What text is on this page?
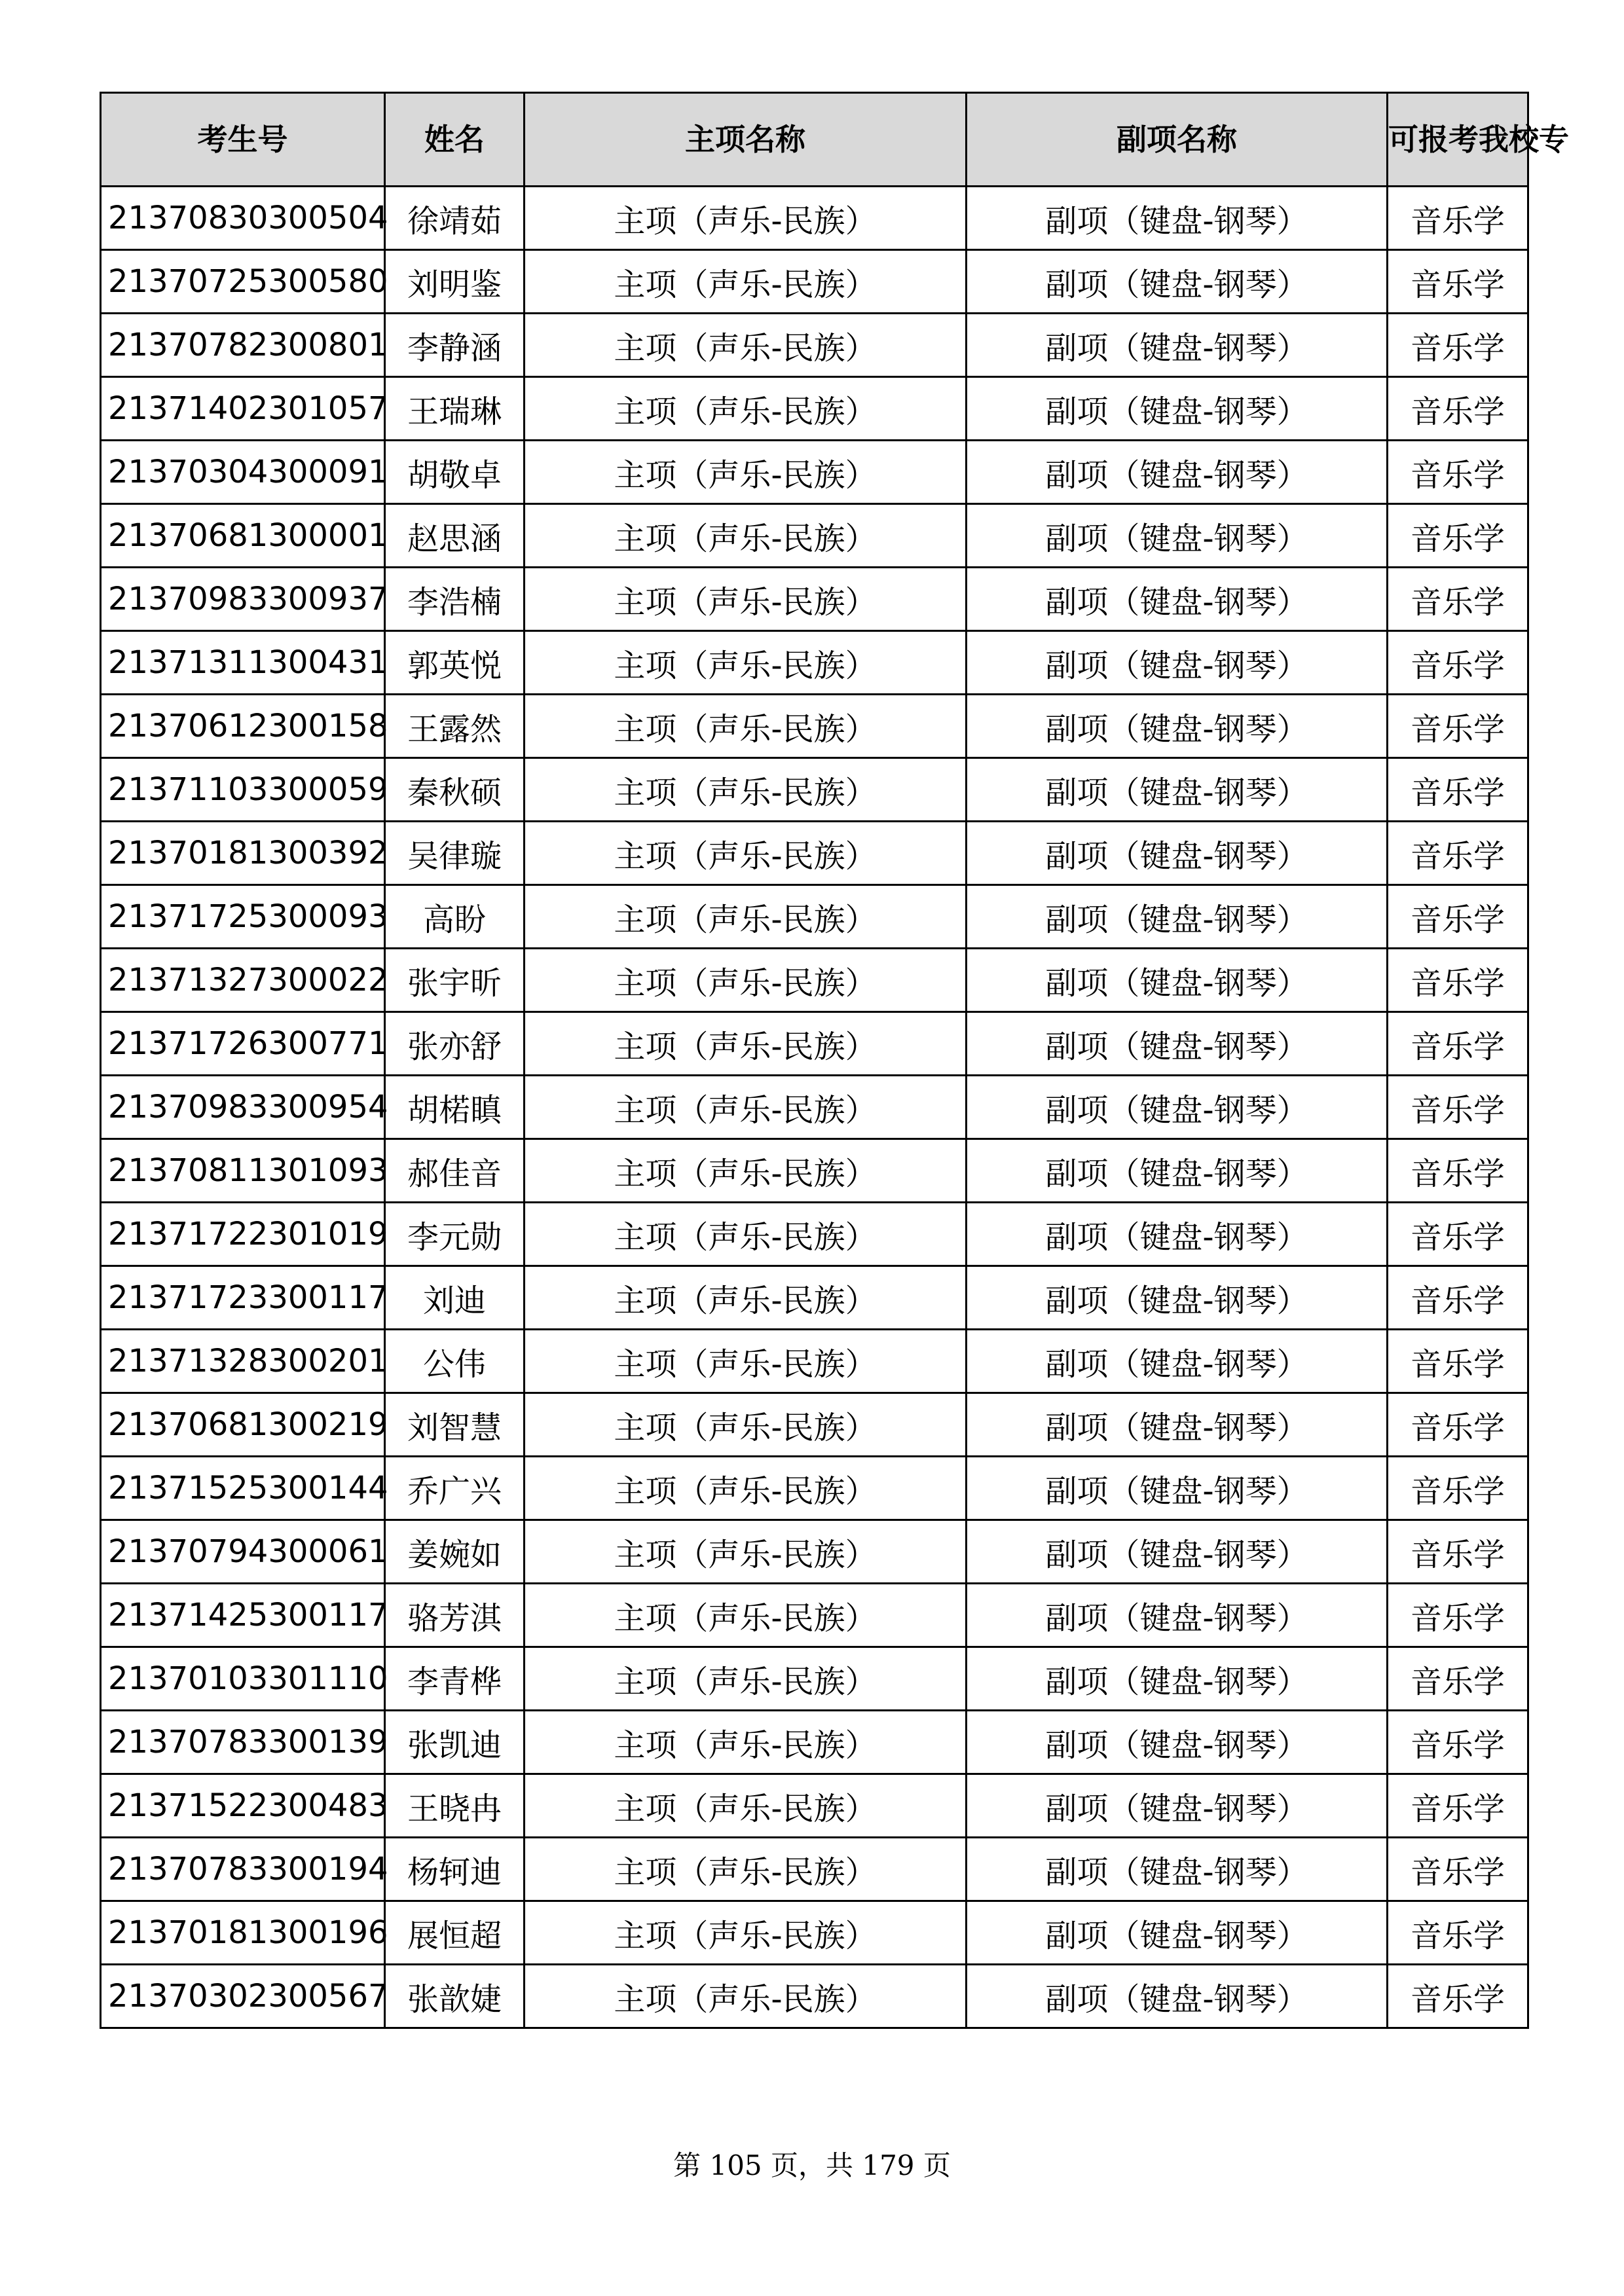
考生号	姓名	主项名称	副项名称	可报考我校专
21370830300504	徐靖茹	主项（声乐-民族）	副项（键盘-钢琴）	音乐学
21370725300580	刘明鉴	主项（声乐-民族）	副项（键盘-钢琴）	音乐学
21370782300801	李静涵	主项（声乐-民族）	副项（键盘-钢琴）	音乐学
21371402301057	王瑞琳	主项（声乐-民族）	副项（键盘-钢琴）	音乐学
21370304300091	胡敬卓	主项（声乐-民族）	副项（键盘-钢琴）	音乐学
21370681300001	赵思涵	主项（声乐-民族）	副项（键盘-钢琴）	音乐学
21370983300937	李浩楠	主项（声乐-民族）	副项（键盘-钢琴）	音乐学
21371311300431	郭英悦	主项（声乐-民族）	副项（键盘-钢琴）	音乐学
21370612300158	王露然	主项（声乐-民族）	副项（键盘-钢琴）	音乐学
21371103300059	秦秋硕	主项（声乐-民族）	副项（键盘-钢琴）	音乐学
21370181300392	吴律璇	主项（声乐-民族）	副项（键盘-钢琴）	音乐学
21371725300093	高盼	主项（声乐-民族）	副项（键盘-钢琴）	音乐学
21371327300022	张宇昕	主项（声乐-民族）	副项（键盘-钢琴）	音乐学
21371726300771	张亦舒	主项（声乐-民族）	副项（键盘-钢琴）	音乐学
21370983300954	胡楉瞋	主项（声乐-民族）	副项（键盘-钢琴）	音乐学
21370811301093	郝佳音	主项（声乐-民族）	副项（键盘-钢琴）	音乐学
21371722301019	李元勋	主项（声乐-民族）	副项（键盘-钢琴）	音乐学
21371723300117	刘迪	主项（声乐-民族）	副项（键盘-钢琴）	音乐学
21371328300201	公伟	主项（声乐-民族）	副项（键盘-钢琴）	音乐学
21370681300219	刘智慧	主项（声乐-民族）	副项（键盘-钢琴）	音乐学
21371525300144	乔广兴	主项（声乐-民族）	副项（键盘-钢琴）	音乐学
21370794300061	姜婉如	主项（声乐-民族）	副项（键盘-钢琴）	音乐学
21371425300117	骆芳淇	主项（声乐-民族）	副项（键盘-钢琴）	音乐学
21370103301110	李青桦	主项（声乐-民族）	副项（键盘-钢琴）	音乐学
21370783300139	张凯迪	主项（声乐-民族）	副项（键盘-钢琴）	音乐学
21371522300483	王晓冉	主项（声乐-民族）	副项（键盘-钢琴）	音乐学
21370783300194	杨轲迪	主项（声乐-民族）	副项（键盘-钢琴）	音乐学
21370181300196	展恒超	主项（声乐-民族）	副项（键盘-钢琴）	音乐学
21370302300567	张歆婕	主项（声乐-民族）	副项（键盘-钢琴）	音乐学
第 105 页，共 179 页
